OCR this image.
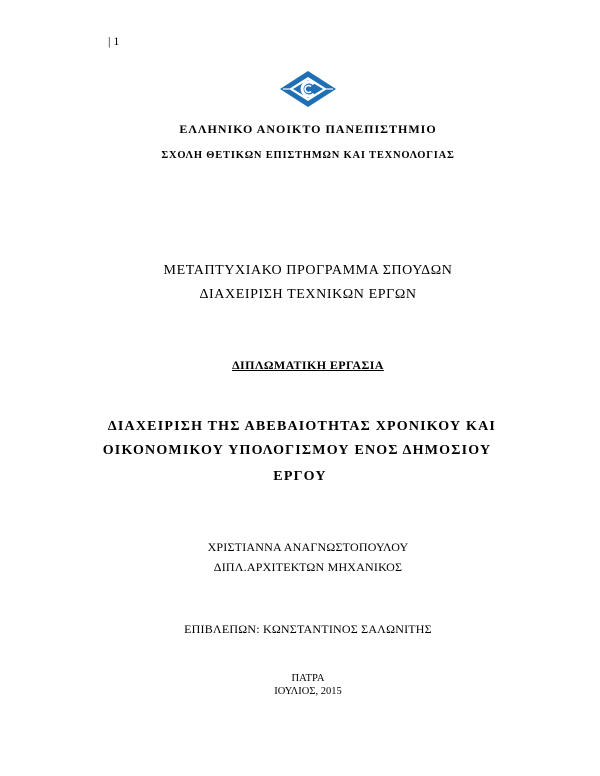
| 1
ΕΛΛΗΝΙΚΟ ΑΝΟΙΚΤΟ ΠΑΝΕΠΙΣΤΗΜΙΟ
ΣΧΟΛΗ ΘΕΤΙΚΩΝ ΕΠΙΣΤΗΜΩΝ ΚΑΙ ΤΕΧΝΟΛΟΓΙΑΣ
ΜΕΤΑΠΤΥΧΙΑΚΟ ΠΡΟΓΡΑΜΜΑ ΣΠΟΥΔΩΝ
ΔΙΑΧΕΙΡΙΣΗ ΤΕΧΝΙΚΩΝ ΕΡΓΩΝ
ΔΙΠΛΩΜΑΤΙΚΗ ΕΡΓΑΣΙΑ
ΔΙΑΧΕΙΡΙΣΗ ΤΗΣ ΑΒΕΒΑΙΟΤΗΤΑΣ ΧΡΟΝΙΚΟΥ ΚΑΙ
ΟΙΚΟΝΟΜΙΚΟΥ ΥΠΟΛΟΓΙΣΜΟΥ ΕΝΟΣ ΔΗΜΟΣΙΟΥ
ΕΡΓΟΥ
ΧΡΙΣΤΙΑΝΝΑ ΑΝΑΓΝΩΣΤΟΠΟΥΛΟΥ
ΔΙΠΛ.ΑΡΧΙΤΕΚΤΩΝ ΜΗΧΑΝΙΚΟΣ
ΕΠΙΒΛΕΠΩΝ: ΚΩΝΣΤΑΝΤΙΝΟΣ ΣΑΛΩΝΙΤΗΣ
ΠΑΤΡΑ
ΙΟΥΛΙΟΣ, 2015
